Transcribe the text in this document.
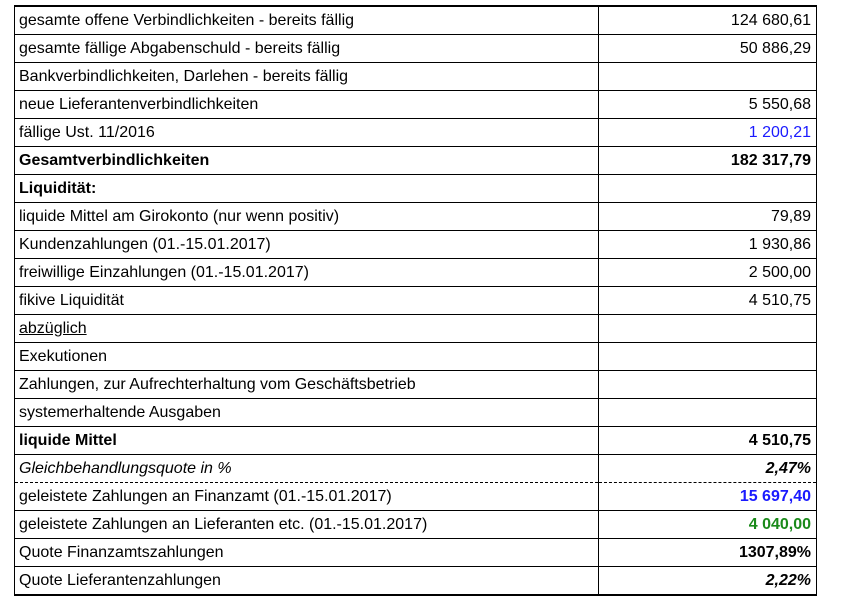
gesamte offene Verbindlichkeiten - bereits fällig	124 680,61
gesamte fällige Abgabenschuld - bereits fällig	50 886,29
Bankverbindlichkeiten, Darlehen - bereits fällig	
neue Lieferantenverbindlichkeiten	5 550,68
fällige Ust. 11/2016	1 200,21
Gesamtverbindlichkeiten	182 317,79
Liquidität:	
liquide Mittel am Girokonto (nur wenn positiv)	79,89
Kundenzahlungen (01.-15.01.2017)	1 930,86
freiwillige Einzahlungen (01.-15.01.2017)	2 500,00
fikive Liquidität	4 510,75
abzüglich	
Exekutionen	
Zahlungen, zur Aufrechterhaltung vom Geschäftsbetrieb	
systemerhaltende Ausgaben	
liquide Mittel	4 510,75
Gleichbehandlungsquote in %	2,47%
geleistete Zahlungen an Finanzamt (01.-15.01.2017)	15 697,40
geleistete Zahlungen an Lieferanten etc. (01.-15.01.2017)	4 040,00
Quote Finanzamtszahlungen	1307,89%
Quote Lieferantenzahlungen	2,22%
